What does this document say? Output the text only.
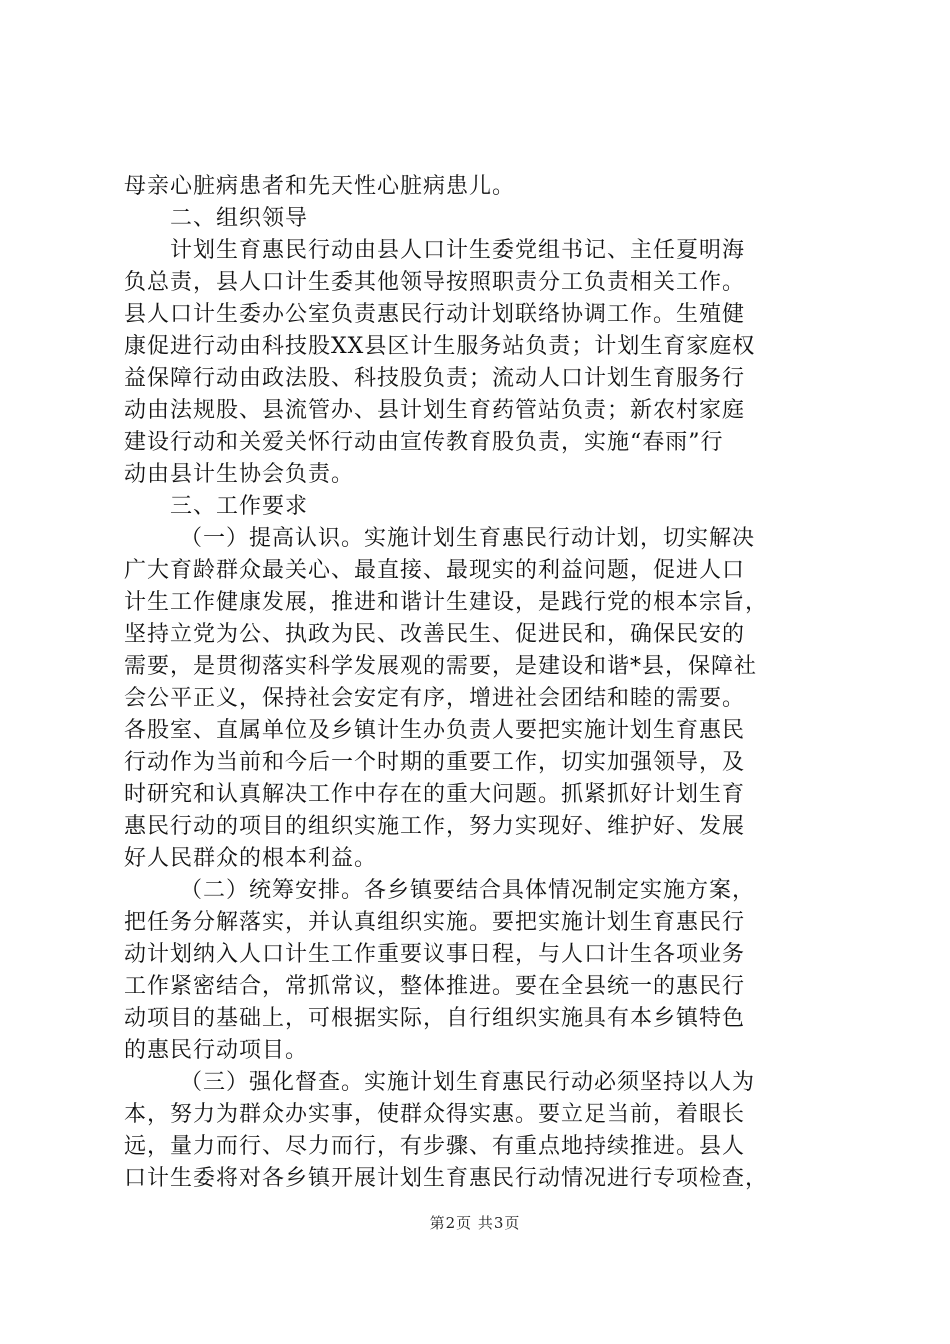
母亲心脏病患者和先天性心脏病患儿。
二、组织领导
计划生育惠民行动由县人口计生委党组书记、主任夏明海
负总责，县人口计生委其他领导按照职责分工负责相关工作。
县人口计生委办公室负责惠民行动计划联络协调工作。生殖健
康促进行动由科技股XX县区计生服务站负责；计划生育家庭权
益保障行动由政法股、科技股负责；流动人口计划生育服务行
动由法规股、县流管办、县计划生育药管站负责；新农村家庭
建设行动和关爱关怀行动由宣传教育股负责，实施“春雨”行
动由县计生协会负责。
三、工作要求
（一）提高认识。实施计划生育惠民行动计划，切实解决
广大育龄群众最关心、最直接、最现实的利益问题，促进人口
计生工作健康发展，推进和谐计生建设，是践行党的根本宗旨，
坚持立党为公、执政为民、改善民生、促进民和，确保民安的
需要，是贯彻落实科学发展观的需要，是建设和谐*县，保障社
会公平正义，保持社会安定有序，增进社会团结和睦的需要。
各股室、直属单位及乡镇计生办负责人要把实施计划生育惠民
行动作为当前和今后一个时期的重要工作，切实加强领导，及
时研究和认真解决工作中存在的重大问题。抓紧抓好计划生育
惠民行动的项目的组织实施工作，努力实现好、维护好、发展
好人民群众的根本利益。
（二）统筹安排。各乡镇要结合具体情况制定实施方案，
把任务分解落实，并认真组织实施。要把实施计划生育惠民行
动计划纳入人口计生工作重要议事日程，与人口计生各项业务
工作紧密结合，常抓常议，整体推进。要在全县统一的惠民行
动项目的基础上，可根据实际，自行组织实施具有本乡镇特色
的惠民行动项目。
（三）强化督查。实施计划生育惠民行动必须坚持以人为
本，努力为群众办实事，使群众得实惠。要立足当前，着眼长
远，量力而行、尽力而行，有步骤、有重点地持续推进。县人
口计生委将对各乡镇开展计划生育惠民行动情况进行专项检查，
第2页 共3页
